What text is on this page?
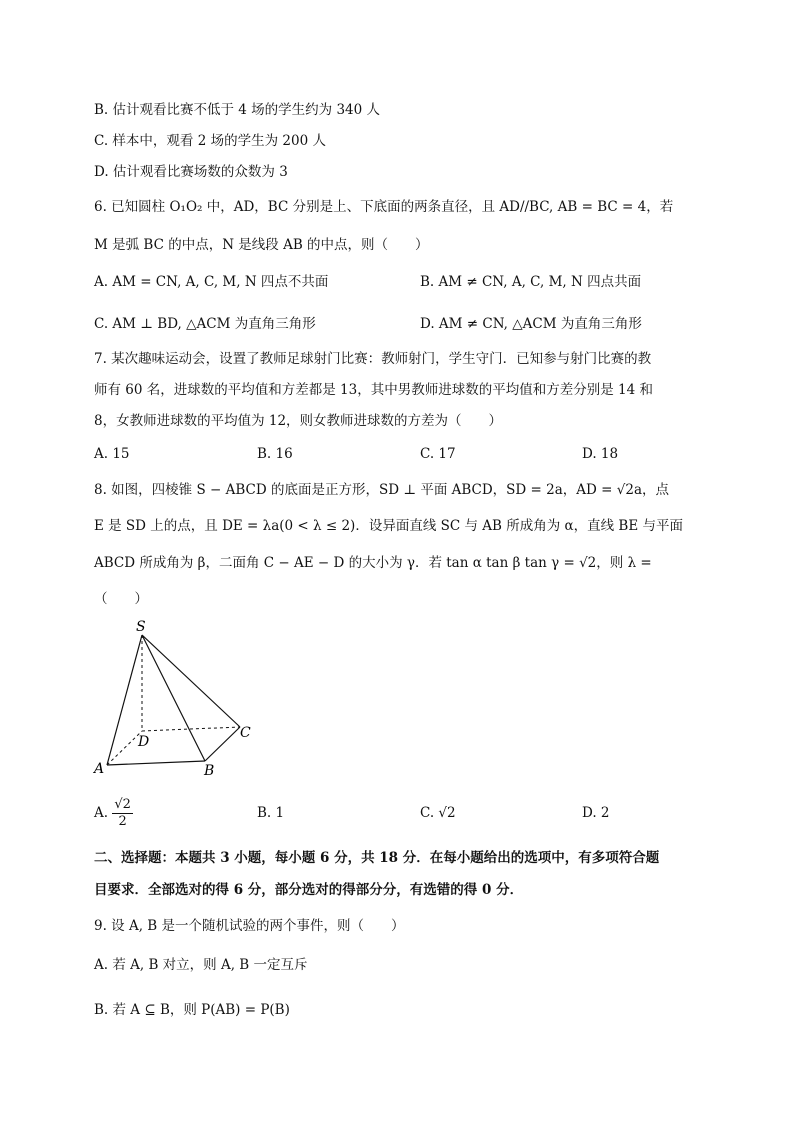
B. 估计观看比赛不低于 4 场的学生约为 340 人
C. 样本中，观看 2 场的学生为 200 人
D. 估计观看比赛场数的众数为 3
6. 已知圆柱 O₁O₂ 中，AD，BC 分别是上、下底面的两条直径，且 AD//BC, AB = BC = 4，若
M 是弧 BC 的中点，N 是线段 AB 的中点，则（　　）
A. AM = CN, A, C, M, N 四点不共面	B. AM ≠ CN, A, C, M, N 四点共面
C. AM ⊥ BD, △ACM 为直角三角形	D. AM ≠ CN, △ACM 为直角三角形
7. 某次趣味运动会，设置了教师足球射门比赛：教师射门，学生守门．已知参与射门比赛的教
师有 60 名，进球数的平均值和方差都是 13，其中男教师进球数的平均值和方差分别是 14 和
8，女教师进球数的平均值为 12，则女教师进球数的方差为（　　）
A. 15	B. 16	C. 17	D. 18
8. 如图，四棱锥 S − ABCD 的底面是正方形，SD ⊥ 平面 ABCD，SD = 2a，AD = √2a，点
E 是 SD 上的点，且 DE = λa(0 < λ ≤ 2)．设异面直线 SC 与 AB 所成角为 α，直线 BE 与平面
ABCD 所成角为 β，二面角 C − AE − D 的大小为 γ．若 tan α tan β tan γ = √2，则 λ =
（　　）
S
D
C
A	B
A. $\frac{√2}{2}$	B. 1	C. √2	D. 2
二、选择题：本题共 3 小题，每小题 6 分，共 18 分．在每小题给出的选项中，有多项符合题
目要求．全部选对的得 6 分，部分选对的得部分分，有选错的得 0 分．
9. 设 A, B 是一个随机试验的两个事件，则（　　）
A. 若 A, B 对立，则 A, B 一定互斥
B. 若 A ⊆ B，则 P(AB) = P(B)
